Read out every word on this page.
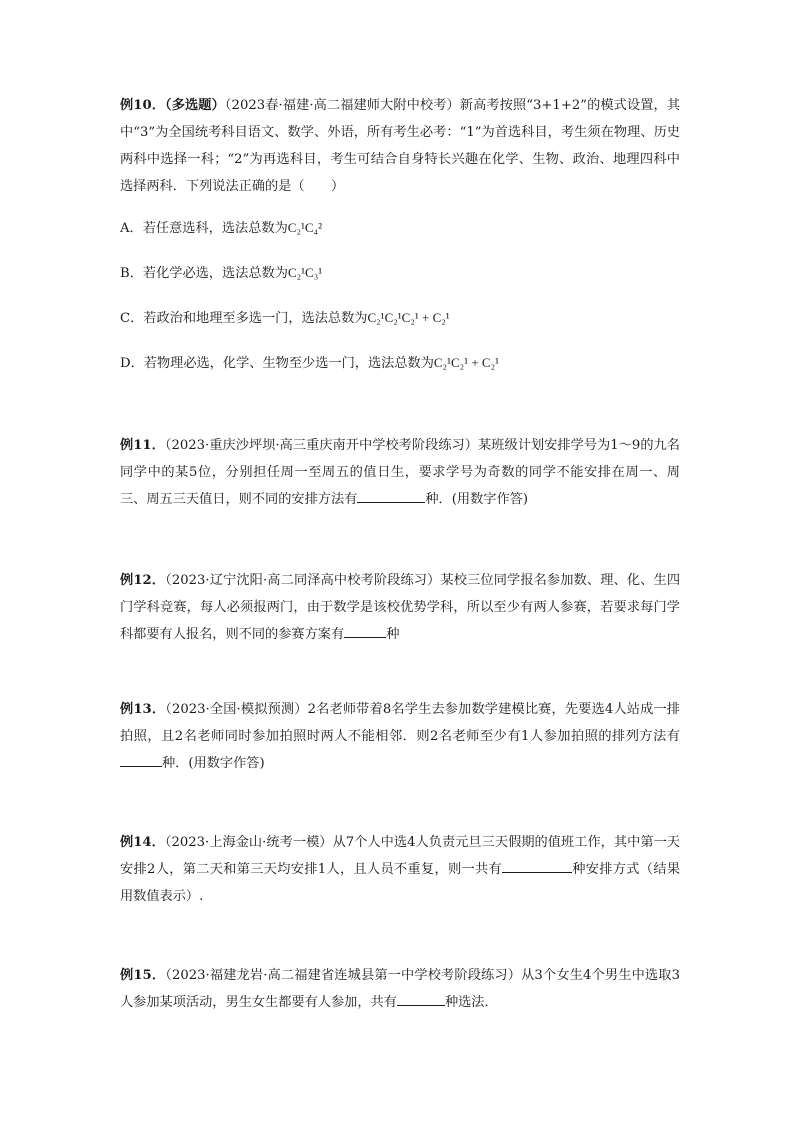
例10．（多选题）（2023春·福建·高二福建师大附中校考）新高考按照“3+1+2”的模式设置，其中“3”为全国统考科目语文、数学、外语，所有考生必考：“1”为首选科目，考生须在物理、历史两科中选择一科；“2”为再选科目，考生可结合自身特长兴趣在化学、生物、政治、地理四科中选择两科．下列说法正确的是（　　）

A．若任意选科，选法总数为C₂¹C₄²

B．若化学必选，选法总数为C₂¹C₃¹

C．若政治和地理至多选一门，选法总数为C₂¹C₂¹C₂¹ + C₂¹

D．若物理必选，化学、生物至少选一门，选法总数为C₂¹C₂¹ + C₂¹

例11．（2023·重庆沙坪坝·高三重庆南开中学校考阶段练习）某班级计划安排学号为1～9的九名同学中的某5位，分别担任周一至周五的值日生，要求学号为奇数的同学不能安排在周一、周三、周五三天值日，则不同的安排方法有	种．(用数字作答)

例12．（2023·辽宁沈阳·高二同泽高中校考阶段练习）某校三位同学报名参加数、理、化、生四门学科竞赛，每人必须报两门，由于数学是该校优势学科，所以至少有两人参赛，若要求每门学科都要有人报名，则不同的参赛方案有	种

例13．（2023·全国·模拟预测）2名老师带着8名学生去参加数学建模比赛，先要选4人站成一排拍照，且2名老师同时参加拍照时两人不能相邻．则2名老师至少有1人参加拍照的排列方法有种．(用数字作答)

例14．（2023·上海金山·统考一模）从7个人中选4人负责元旦三天假期的值班工作，其中第一天安排2人，第二天和第三天均安排1人，且人员不重复，则一共有	种安排方式（结果用数值表示）.

例15．（2023·福建龙岩·高二福建省连城县第一中学校考阶段练习）从3个女生4个男生中选取3人参加某项活动，男生女生都要有人参加，共有	种选法．
